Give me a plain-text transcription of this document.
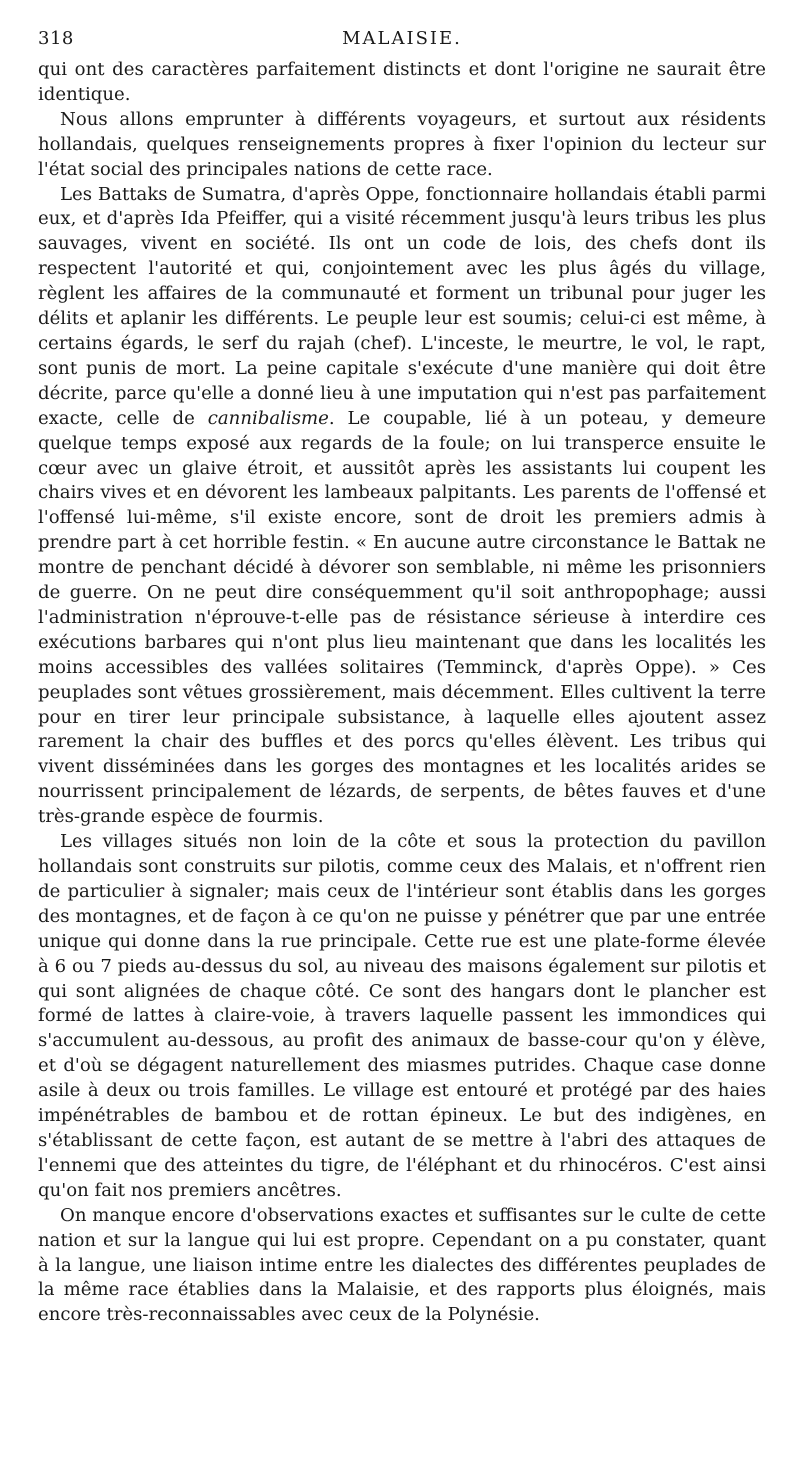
318	MALAISIE.

qui ont des caractères parfaitement distincts et dont l'origine ne saurait être identique.

Nous allons emprunter à différents voyageurs, et surtout aux résidents hollandais, quelques renseignements propres à fixer l'opinion du lecteur sur l'état social des principales nations de cette race.

Les Battaks de Sumatra, d'après Oppe, fonctionnaire hollandais établi parmi eux, et d'après Ida Pfeiffer, qui a visité récemment jusqu'à leurs tribus les plus sauvages, vivent en société. Ils ont un code de lois, des chefs dont ils respectent l'autorité et qui, conjointement avec les plus âgés du village, règlent les affaires de la communauté et forment un tribunal pour juger les délits et aplanir les différents. Le peuple leur est soumis; celui-ci est même, à certains égards, le serf du rajah (chef). L'inceste, le meurtre, le vol, le rapt, sont punis de mort. La peine capitale s'exécute d'une manière qui doit être décrite, parce qu'elle a donné lieu à une imputation qui n'est pas parfaitement exacte, celle de cannibalisme. Le coupable, lié à un poteau, y demeure quelque temps exposé aux regards de la foule; on lui transperce ensuite le cœur avec un glaive étroit, et aussitôt après les assistants lui coupent les chairs vives et en dévorent les lambeaux palpitants. Les parents de l'offensé et l'offensé lui-même, s'il existe encore, sont de droit les premiers admis à prendre part à cet horrible festin. « En aucune autre circonstance le Battak ne montre de penchant décidé à dévorer son semblable, ni même les prisonniers de guerre. On ne peut dire conséquemment qu'il soit anthropophage; aussi l'administration n'éprouve-t-elle pas de résistance sérieuse à interdire ces exécutions barbares qui n'ont plus lieu maintenant que dans les localités les moins accessibles des vallées solitaires (Temminck, d'après Oppe). » Ces peuplades sont vêtues grossièrement, mais décemment. Elles cultivent la terre pour en tirer leur principale subsistance, à laquelle elles ajoutent assez rarement la chair des buffles et des porcs qu'elles élèvent. Les tribus qui vivent disséminées dans les gorges des montagnes et les localités arides se nourrissent principalement de lézards, de serpents, de bêtes fauves et d'une très-grande espèce de fourmis.

Les villages situés non loin de la côte et sous la protection du pavillon hollandais sont construits sur pilotis, comme ceux des Malais, et n'offrent rien de particulier à signaler; mais ceux de l'intérieur sont établis dans les gorges des montagnes, et de façon à ce qu'on ne puisse y pénétrer que par une entrée unique qui donne dans la rue principale. Cette rue est une plate-forme élevée à 6 ou 7 pieds au-dessus du sol, au niveau des maisons également sur pilotis et qui sont alignées de chaque côté. Ce sont des hangars dont le plancher est formé de lattes à claire-voie, à travers laquelle passent les immondices qui s'accumulent au-dessous, au profit des animaux de basse-cour qu'on y élève, et d'où se dégagent naturellement des miasmes putrides. Chaque case donne asile à deux ou trois familles. Le village est entouré et protégé par des haies impénétrables de bambou et de rottan épineux. Le but des indigènes, en s'établissant de cette façon, est autant de se mettre à l'abri des attaques de l'ennemi que des atteintes du tigre, de l'éléphant et du rhinocéros. C'est ainsi qu'on fait nos premiers ancêtres.

On manque encore d'observations exactes et suffisantes sur le culte de cette nation et sur la langue qui lui est propre. Cependant on a pu constater, quant à la langue, une liaison intime entre les dialectes des différentes peuplades de la même race établies dans la Malaisie, et des rapports plus éloignés, mais encore très-reconnaissables avec ceux de la Polynésie.
